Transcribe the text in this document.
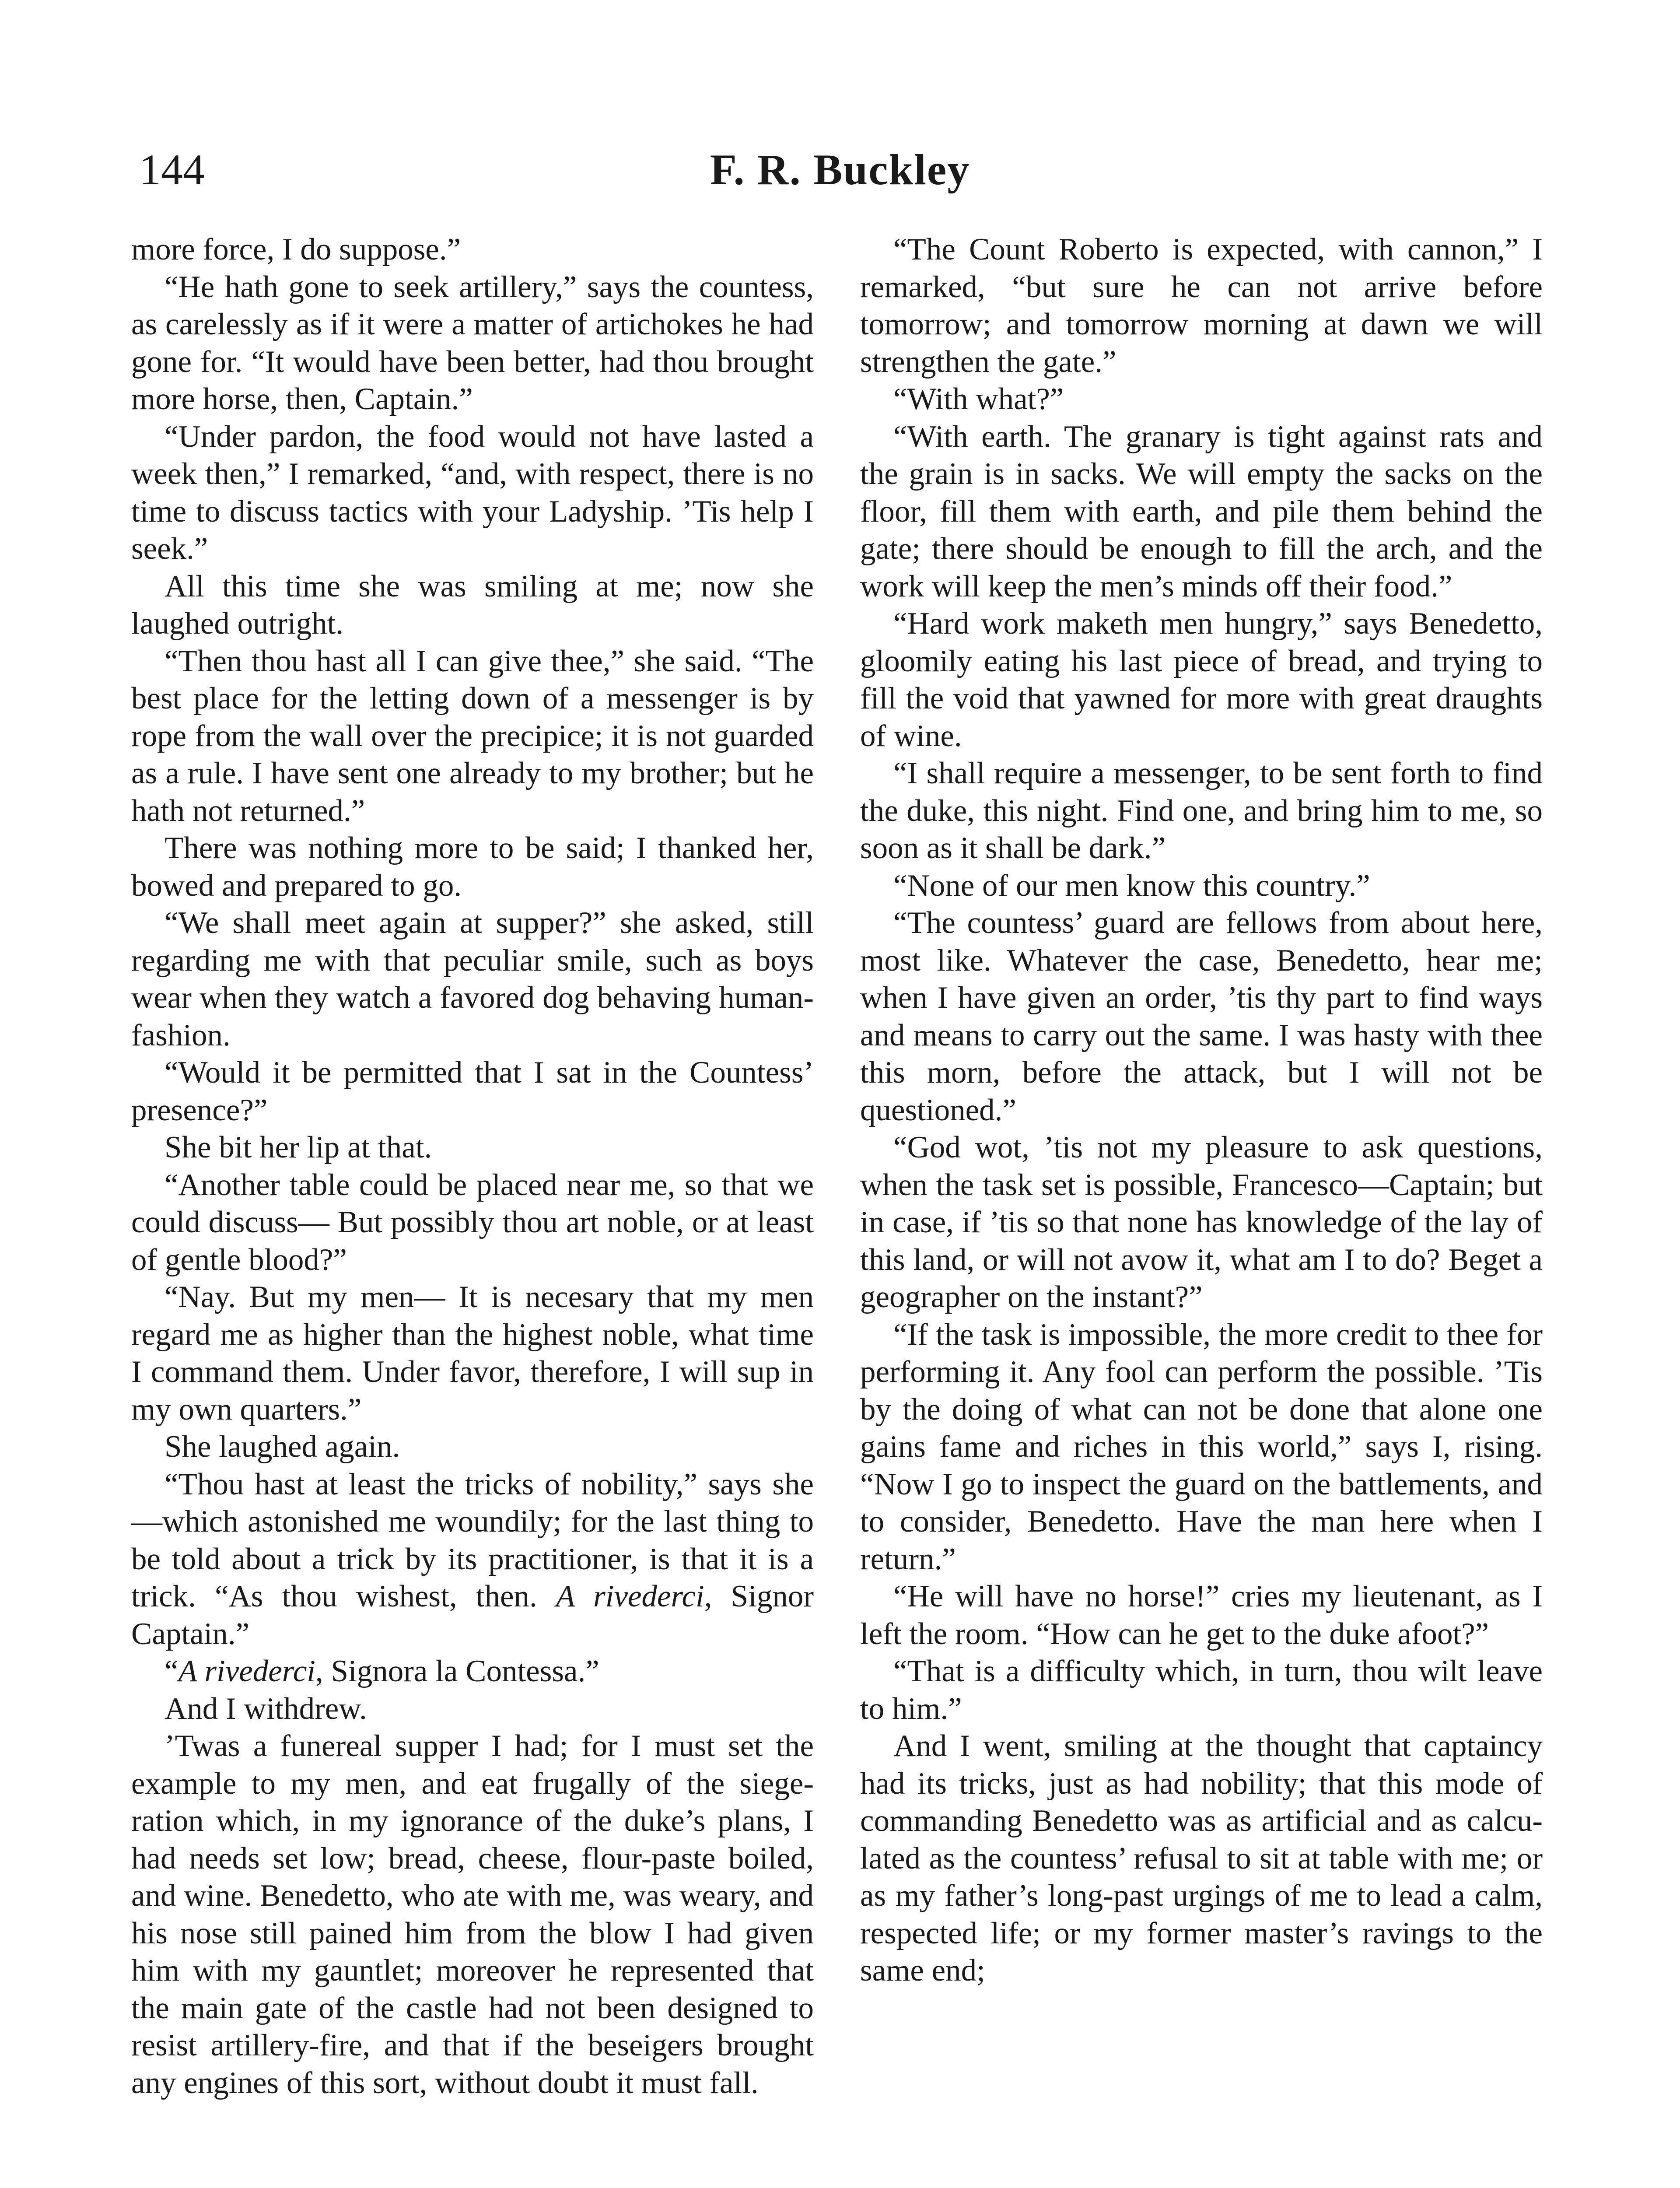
144	F. R. Buckley

more force, I do suppose.”

“He hath gone to seek artillery,” says the countess, as carelessly as if it were a matter of artichokes he had gone for. “It would have been better, had thou brought more horse, then, Captain.”

“Under pardon, the food would not have lasted a week then,” I remarked, “and, with respect, there is no time to discuss tactics with your Ladyship. ’Tis help I seek.”

All this time she was smiling at me; now she laughed outright.

“Then thou hast all I can give thee,” she said. “The best place for the letting down of a messenger is by rope from the wall over the precipice; it is not guarded as a rule. I have sent one already to my brother; but he hath not returned.”

There was nothing more to be said; I thanked her, bowed and prepared to go.

“We shall meet again at supper?” she asked, still regarding me with that peculiar smile, such as boys wear when they watch a favored dog behaving human-fashion.

“Would it be permitted that I sat in the Countess’ presence?”

She bit her lip at that.

“Another table could be placed near me, so that we could discuss— But possibly thou art noble, or at least of gentle blood?”

“Nay. But my men— It is necesary that my men regard me as higher than the highest noble, what time I command them. Under favor, therefore, I will sup in my own quarters.”

She laughed again.

“Thou hast at least the tricks of nobility,” says she—which astonished me woundily; for the last thing to be told about a trick by its practitioner, is that it is a trick. “As thou wishest, then. A rivederci, Signor Captain.”

“A rivederci, Signora la Contessa.”

And I withdrew.

’Twas a funereal supper I had; for I must set the example to my men, and eat frugally of the siege-ration which, in my ignorance of the duke’s plans, I had needs set low; bread, cheese, flour-paste boiled, and wine. Benedetto, who ate with me, was weary, and his nose still pained him from the blow I had given him with my gauntlet; moreover he represented that the main gate of the castle had not been designed to resist artillery-fire, and that if the beseigers brought any engines of this sort, without doubt it must fall.

“The Count Roberto is expected, with cannon,” I remarked, “but sure he can not arrive before tomorrow; and tomorrow morning at dawn we will strengthen the gate.”

“With what?”

“With earth. The granary is tight against rats and the grain is in sacks. We will empty the sacks on the floor, fill them with earth, and pile them behind the gate; there should be enough to fill the arch, and the work will keep the men’s minds off their food.”

“Hard work maketh men hungry,” says Benedetto, gloomily eating his last piece of bread, and trying to fill the void that yawned for more with great draughts of wine.

“I shall require a messenger, to be sent forth to find the duke, this night. Find one, and bring him to me, so soon as it shall be dark.”

“None of our men know this country.”

“The countess’ guard are fellows from about here, most like. Whatever the case, Benedetto, hear me; when I have given an order, ’tis thy part to find ways and means to carry out the same. I was hasty with thee this morn, before the attack, but I will not be questioned.”

“God wot, ’tis not my pleasure to ask questions, when the task set is possible, Francesco—Captain; but in case, if ’tis so that none has knowledge of the lay of this land, or will not avow it, what am I to do? Beget a geographer on the instant?”

“If the task is impossible, the more credit to thee for performing it. Any fool can perform the possible. ’Tis by the doing of what can not be done that alone one gains fame and riches in this world,” says I, rising. “Now I go to inspect the guard on the battlements, and to consider, Benedetto. Have the man here when I return.”

“He will have no horse!” cries my lieutenant, as I left the room. “How can he get to the duke afoot?”

“That is a difficulty which, in turn, thou wilt leave to him.”

And I went, smiling at the thought that captaincy had its tricks, just as had nobility; that this mode of commanding Benedetto was as artificial and as calculated as the countess’ refusal to sit at table with me; or as my father’s long-past urgings of me to lead a calm, respected life; or my former master’s ravings to the same end;
